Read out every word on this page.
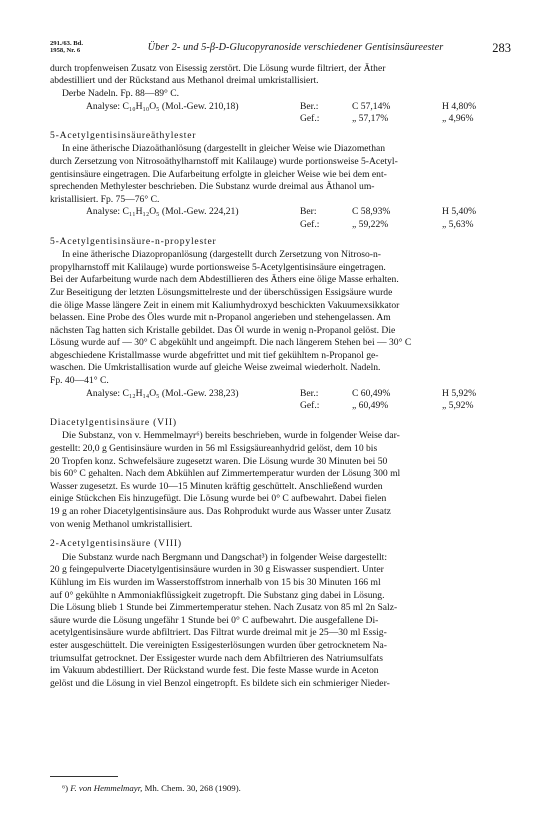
291./63. Bd.
1958, Nr. 6	Über 2- und 5-β-D-Glucopyranoside verschiedener Gentisinsäureester	283

durch tropfenweisen Zusatz von Eisessig zerstört. Die Lösung wurde filtriert, der Äther

abdestilliert und der Rückstand aus Methanol dreimal umkristallisiert.

Derbe Nadeln. Fp. 88—89° C.

Analyse: C₁₀H₁₀O₅ (Mol.-Gew. 210,18)	Ber.:	C 57,14%	H 4,80%
Gef.:	„ 57,17%	„ 4,96%

5-Acetylgentisinsäureäthylester

In eine ätherische Diazoäthanlösung (dargestellt in gleicher Weise wie Diazomethan

durch Zersetzung von Nitrosoäthylharnstoff mit Kalilauge) wurde portionsweise 5-Acetyl-

gentisinsäure eingetragen. Die Aufarbeitung erfolgte in gleicher Weise wie bei dem ent-

sprechenden Methylester beschrieben. Die Substanz wurde dreimal aus Äthanol um-

kristallisiert. Fp. 75—76° C.

Analyse: C₁₁H₁₂O₅ (Mol.-Gew. 224,21)	Ber:	C 58,93%	H 5,40%
Gef.:	„ 59,22%	„ 5,63%

5-Acetylgentisinsäure-n-propylester

In eine ätherische Diazopropanlösung (dargestellt durch Zersetzung von Nitroso-n-

propylharnstoff mit Kalilauge) wurde portionsweise 5-Acetylgentisinsäure eingetragen.

Bei der Aufarbeitung wurde nach dem Abdestillieren des Äthers eine ölige Masse erhalten.

Zur Beseitigung der letzten Lösungsmittelreste und der überschüssigen Essigsäure wurde

die ölige Masse längere Zeit in einem mit Kaliumhydroxyd beschickten Vakuumexsikkator

belassen. Eine Probe des Öles wurde mit n-Propanol angerieben und stehengelassen. Am

nächsten Tag hatten sich Kristalle gebildet. Das Öl wurde in wenig n-Propanol gelöst. Die

Lösung wurde auf — 30° C abgekühlt und angeimpft. Die nach längerem Stehen bei — 30° C

abgeschiedene Kristallmasse wurde abgefrittet und mit tief gekühltem n-Propanol ge-

waschen. Die Umkristallisation wurde auf gleiche Weise zweimal wiederholt. Nadeln.

Fp. 40—41° C.

Analyse: C₁₂H₁₄O₅ (Mol.-Gew. 238,23)	Ber.:	C 60,49%	H 5,92%
Gef.:	„ 60,49%	„ 5,92%

Diacetylgentisinsäure (VII)

Die Substanz, von v. Hemmelmayr⁶) bereits beschrieben, wurde in folgender Weise dar-

gestellt: 20,0 g Gentisinsäure wurden in 56 ml Essigsäureanhydrid gelöst, dem 10 bis

20 Tropfen konz. Schwefelsäure zugesetzt waren. Die Lösung wurde 30 Minuten bei 50

bis 60° C gehalten. Nach dem Abkühlen auf Zimmertemperatur wurden der Lösung 300 ml

Wasser zugesetzt. Es wurde 10—15 Minuten kräftig geschüttelt. Anschließend wurden

einige Stückchen Eis hinzugefügt. Die Lösung wurde bei 0° C aufbewahrt. Dabei fielen

19 g an roher Diacetylgentisinsäure aus. Das Rohprodukt wurde aus Wasser unter Zusatz

von wenig Methanol umkristallisiert.

2-Acetylgentisinsäure (VIII)

Die Substanz wurde nach Bergmann und Dangschat³) in folgender Weise dargestellt:

20 g feingepulverte Diacetylgentisinsäure wurden in 30 g Eiswasser suspendiert. Unter

Kühlung im Eis wurden im Wasserstoffstrom innerhalb von 15 bis 30 Minuten 166 ml

auf 0° gekühlte n Ammoniakflüssigkeit zugetropft. Die Substanz ging dabei in Lösung.

Die Lösung blieb 1 Stunde bei Zimmertemperatur stehen. Nach Zusatz von 85 ml 2n Salz-

säure wurde die Lösung ungefähr 1 Stunde bei 0° C aufbewahrt. Die ausgefallene Di-

acetylgentisinsäure wurde abfiltriert. Das Filtrat wurde dreimal mit je 25—30 ml Essig-

ester ausgeschüttelt. Die vereinigten Essigesterlösungen wurden über getrocknetem Na-

triumsulfat getrocknet. Der Essigester wurde nach dem Abfiltrieren des Natriumsulfats

im Vakuum abdestilliert. Der Rückstand wurde fest. Die feste Masse wurde in Aceton

gelöst und die Lösung in viel Benzol eingetropft. Es bildete sich ein schmieriger Nieder-

⁶) F. von Hemmelmayr, Mh. Chem. 30, 268 (1909).
